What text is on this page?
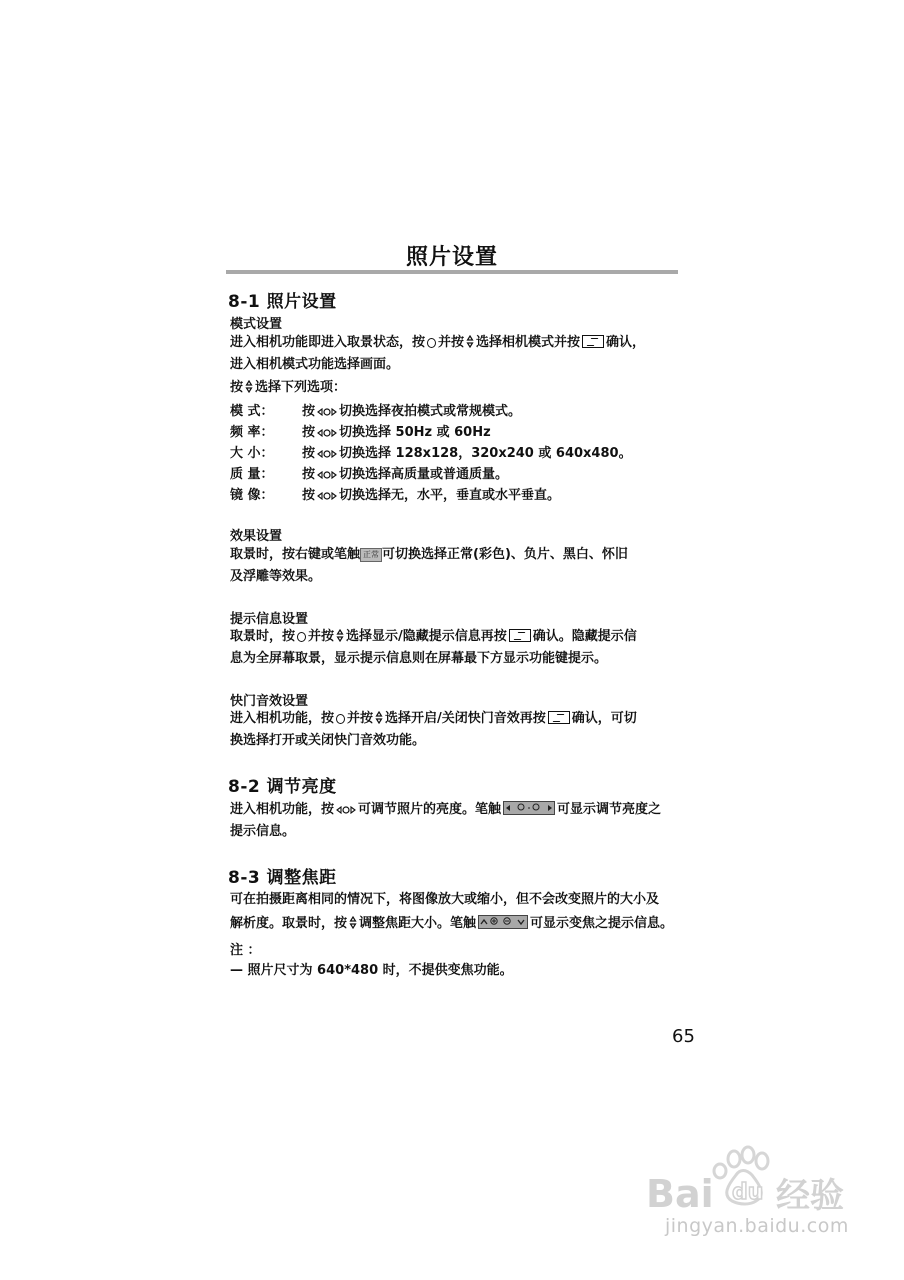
照片设置
8-1 照片设置
模式设置
进入相机功能即进入取景状态，按 并按 选择相机模式并按 确认，
进入相机模式功能选择画面。
按 选择下列选项：
模 式：	按 切换选择夜拍模式或常规模式。
频 率：	按 切换选择 50Hz 或 60Hz
大 小：	按 切换选择 128x128，320x240 或 640x480。
质 量：	按 切换选择高质量或普通质量。
镜 像：	按 切换选择无，水平，垂直或水平垂直。
效果设置
取景时，按右键或笔触 正常 可切换选择正常(彩色)、负片、黑白、怀旧
及浮雕等效果。
提示信息设置
取景时，按 并按 选择显示/隐藏提示信息再按 确认。隐藏提示信
息为全屏幕取景，显示提示信息则在屏幕最下方显示功能键提示。
快门音效设置
进入相机功能，按 并按 选择开启/关闭快门音效再按 确认，可切
换选择打开或关闭快门音效功能。
8-2 调节亮度
进入相机功能，按 可调节照片的亮度。笔触	可显示调节亮度之
提示信息。
8-3 调整焦距
可在拍摄距离相同的情况下，将图像放大或缩小，但不会改变照片的大小及
解析度。取景时，按 调整焦距大小。笔触	可显示变焦之提示信息。
注 ：
— 照片尺寸为 640*480 时，不提供变焦功能。
65
Bai 经验
du
jingyan.baidu.com
